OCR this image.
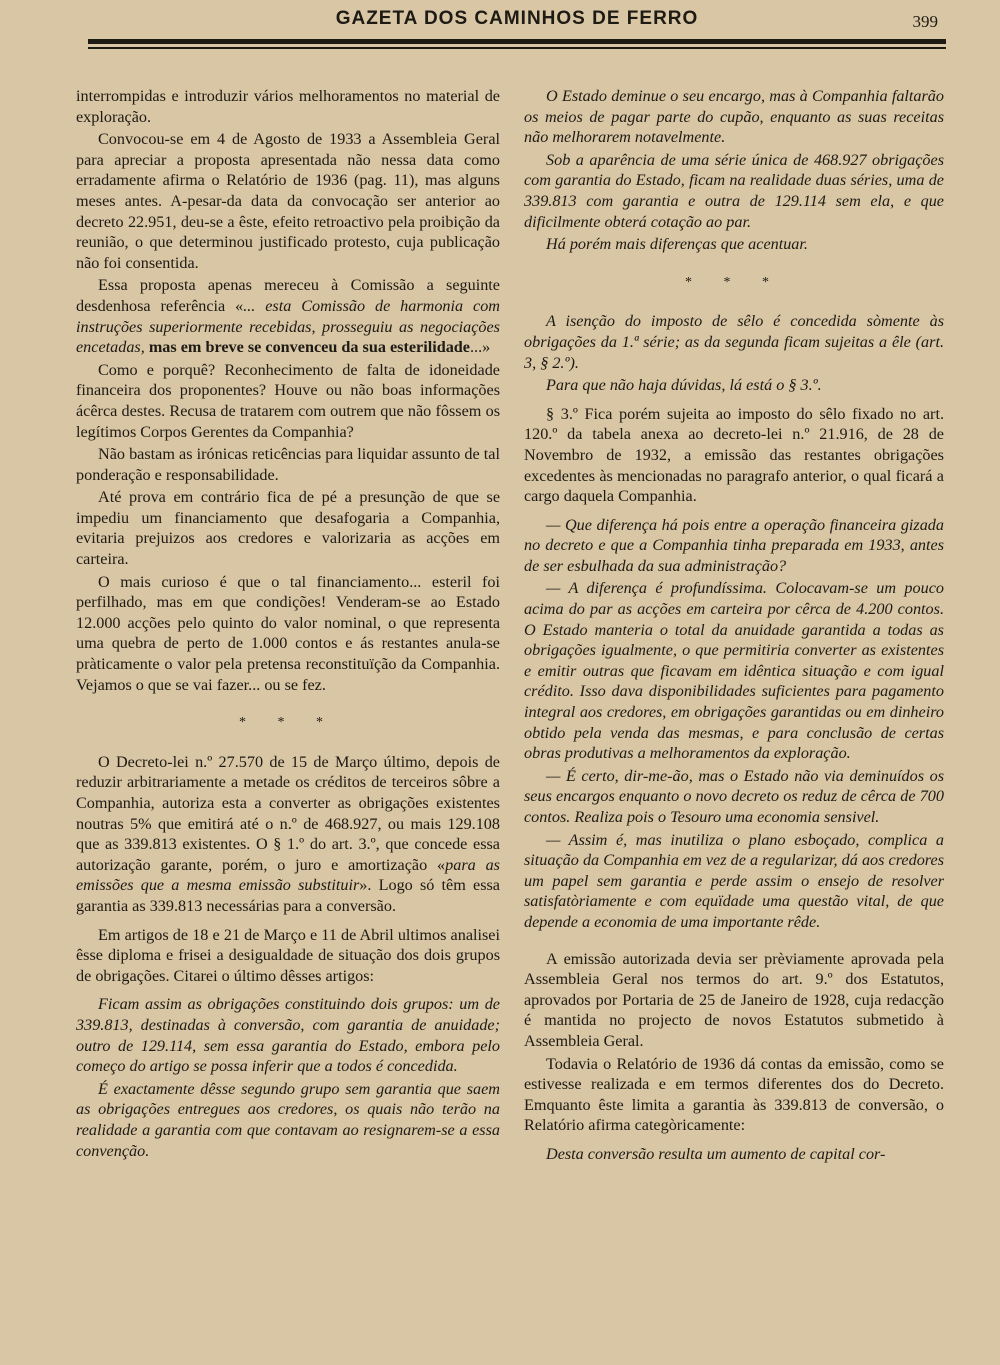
GAZETA DOS CAMINHOS DE FERRO	399

interrompidas e introduzir vários melhoramentos no material de exploração.

Convocou-se em 4 de Agosto de 1933 a Assembleia Geral para apreciar a proposta apresentada não nessa data como erradamente afirma o Relatório de 1936 (pag. 11), mas alguns meses antes. A-pesar-da data da convocação ser anterior ao decreto 22.951, deu-se a êste, efeito retroactivo pela proibição da reunião, o que determinou justificado protesto, cuja publicação não foi consentida.

Essa proposta apenas mereceu à Comissão a seguinte desdenhosa referência «... esta Comissão de harmonia com instruções superiormente recebidas, prosseguiu as negociações encetadas, mas em breve se convenceu da sua esterilidade...»

Como e porquê? Reconhecimento de falta de idoneidade financeira dos proponentes? Houve ou não boas informações ácêrca destes. Recusa de tratarem com outrem que não fôssem os legítimos Corpos Gerentes da Companhia?

Não bastam as irónicas reticências para liquidar assunto de tal ponderação e responsabilidade.

Até prova em contrário fica de pé a presunção de que se impediu um financiamento que desafogaria a Companhia, evitaria prejuizos aos credores e valorizaria as acções em carteira.

O mais curioso é que o tal financiamento... esteril foi perfilhado, mas em que condições! Venderam-se ao Estado 12.000 acções pelo quinto do valor nominal, o que representa uma quebra de perto de 1.000 contos e ás restantes anula-se pràticamente o valor pela pretensa reconstituïção da Companhia. Vejamos o que se vai fazer... ou se fez.

* * *

O Decreto-lei n.º 27.570 de 15 de Março último, depois de reduzir arbitrariamente a metade os créditos de terceiros sôbre a Companhia, autoriza esta a converter as obrigações existentes noutras 5% que emitirá até o n.º de 468.927, ou mais 129.108 que as 339.813 existentes. O § 1.º do art. 3.º, que concede essa autorização garante, porém, o juro e amortização «para as emissões que a mesma emissão substituir». Logo só têm essa garantia as 339.813 necessárias para a conversão.

Em artigos de 18 e 21 de Março e 11 de Abril ultimos analisei êsse diploma e frisei a desigualdade de situação dos dois grupos de obrigações. Citarei o último dêsses artigos:

Ficam assim as obrigações constituindo dois grupos: um de 339.813, destinadas à conversão, com garantia de anuidade; outro de 129.114, sem essa garantia do Estado, embora pelo começo do artigo se possa inferir que a todos é concedida.

É exactamente dêsse segundo grupo sem garantia que saem as obrigações entregues aos credores, os quais não terão na realidade a garantia com que contavam ao resignarem-se a essa convenção.

O Estado deminue o seu encargo, mas à Companhia faltarão os meios de pagar parte do cupão, enquanto as suas receitas não melhorarem notavelmente.

Sob a aparência de uma série única de 468.927 obrigações com garantia do Estado, ficam na realidade duas séries, uma de 339.813 com garantia e outra de 129.114 sem ela, e que dificilmente obterá cotação ao par.

Há porém mais diferenças que acentuar.

* * *

A isenção do imposto de sêlo é concedida sòmente às obrigações da 1.ª série; as da segunda ficam sujeitas a êle (art. 3, § 2.º).

Para que não haja dúvidas, lá está o § 3.º.

§ 3.º Fica porém sujeita ao imposto do sêlo fixado no art. 120.º da tabela anexa ao decreto-lei n.º 21.916, de 28 de Novembro de 1932, a emissão das restantes obrigações excedentes às mencionadas no paragrafo anterior, o qual ficará a cargo daquela Companhia.

— Que diferença há pois entre a operação financeira gizada no decreto e que a Companhia tinha preparada em 1933, antes de ser esbulhada da sua administração?

— A diferença é profundíssima. Colocavam-se um pouco acima do par as acções em carteira por cêrca de 4.200 contos. O Estado manteria o total da anuidade garantida a todas as obrigações igualmente, o que permitiria converter as existentes e emitir outras que ficavam em idêntica situação e com igual crédito. Isso dava disponibilidades suficientes para pagamento integral aos credores, em obrigações garantidas ou em dinheiro obtido pela venda das mesmas, e para conclusão de certas obras produtivas a melhoramentos da exploração.

— É certo, dir-me-ão, mas o Estado não via deminuídos os seus encargos enquanto o novo decreto os reduz de cêrca de 700 contos. Realiza pois o Tesouro uma economia sensivel.

— Assim é, mas inutiliza o plano esboçado, complica a situação da Companhia em vez de a regularizar, dá aos credores um papel sem garantia e perde assim o ensejo de resolver satisfatòriamente e com equïdade uma questão vital, de que depende a economia de uma importante rêde.

A emissão autorizada devia ser prèviamente aprovada pela Assembleia Geral nos termos do art. 9.º dos Estatutos, aprovados por Portaria de 25 de Janeiro de 1928, cuja redacção é mantida no projecto de novos Estatutos submetido à Assembleia Geral.

Todavia o Relatório de 1936 dá contas da emissão, como se estivesse realizada e em termos diferentes dos do Decreto. Emquanto êste limita a garantia às 339.813 de conversão, o Relatório afirma categòricamente:

Desta conversão resulta um aumento de capital cor-
